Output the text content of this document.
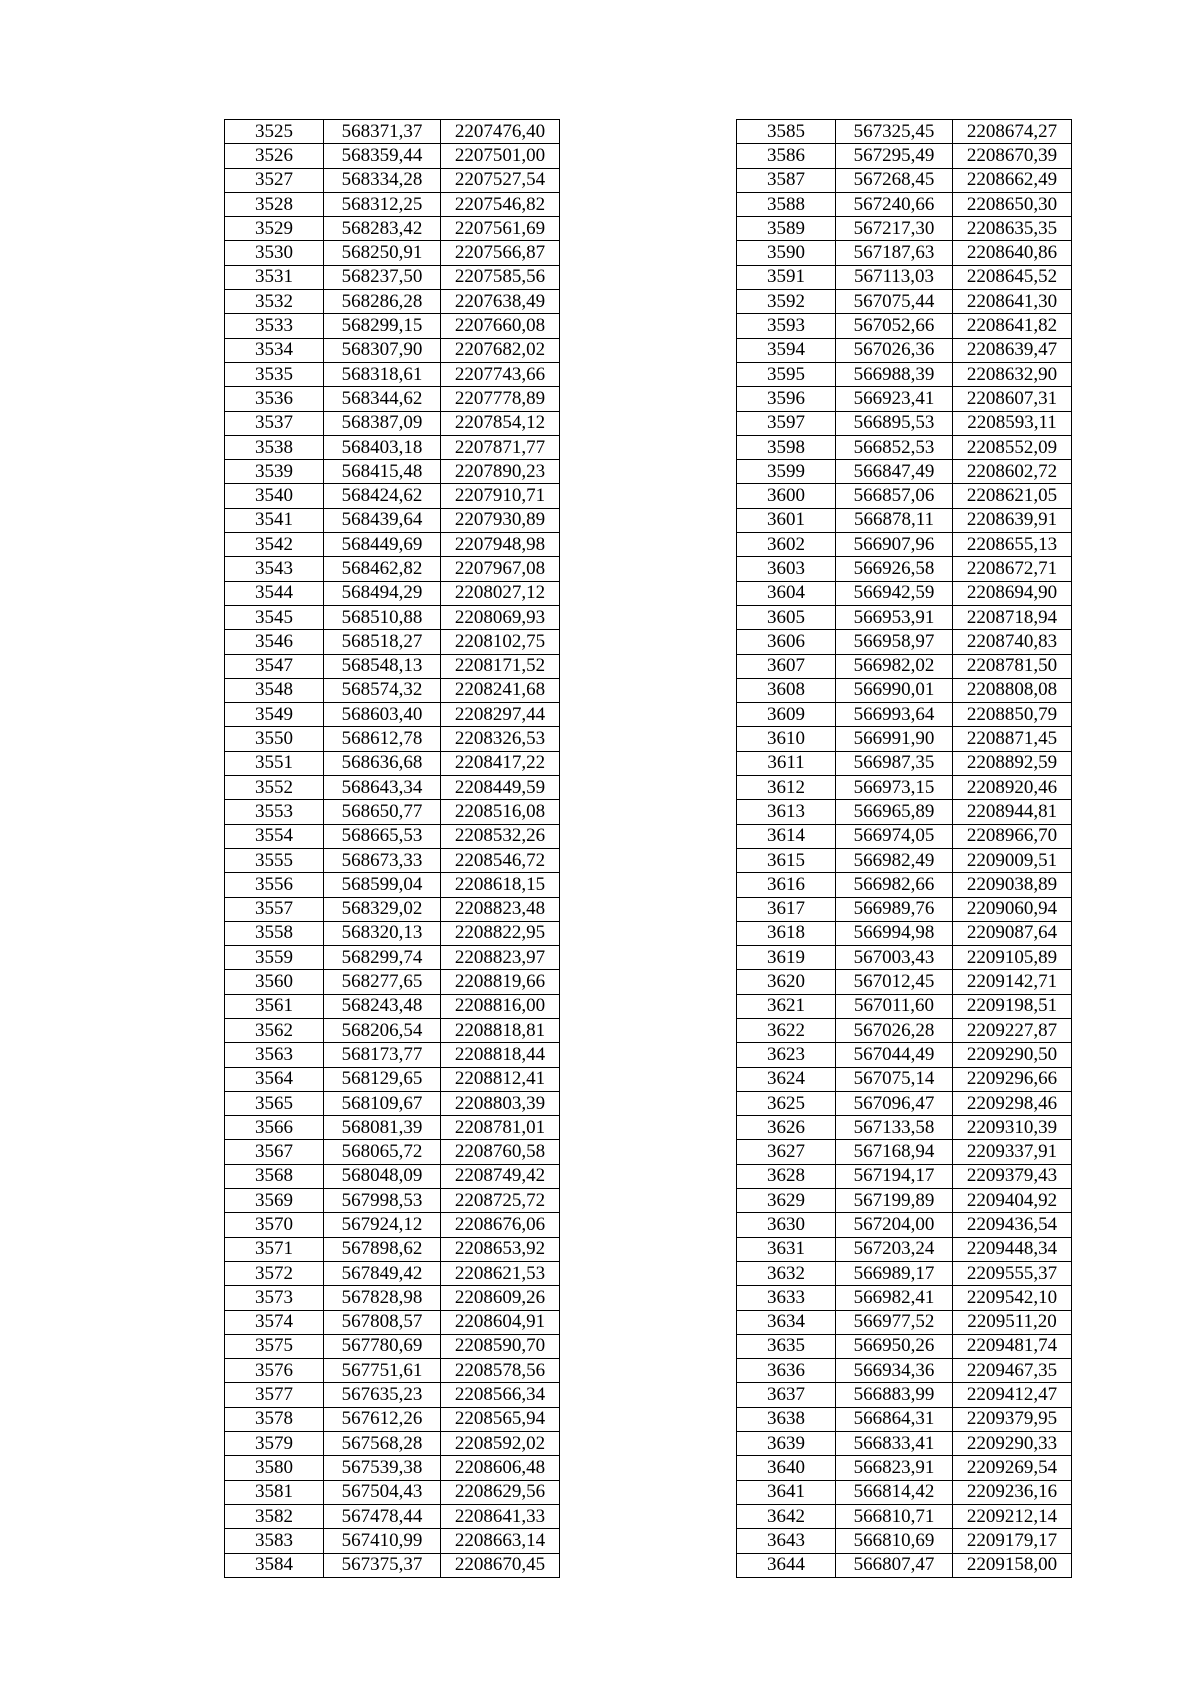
3525	568371,37	2207476,40
3526	568359,44	2207501,00
3527	568334,28	2207527,54
3528	568312,25	2207546,82
3529	568283,42	2207561,69
3530	568250,91	2207566,87
3531	568237,50	2207585,56
3532	568286,28	2207638,49
3533	568299,15	2207660,08
3534	568307,90	2207682,02
3535	568318,61	2207743,66
3536	568344,62	2207778,89
3537	568387,09	2207854,12
3538	568403,18	2207871,77
3539	568415,48	2207890,23
3540	568424,62	2207910,71
3541	568439,64	2207930,89
3542	568449,69	2207948,98
3543	568462,82	2207967,08
3544	568494,29	2208027,12
3545	568510,88	2208069,93
3546	568518,27	2208102,75
3547	568548,13	2208171,52
3548	568574,32	2208241,68
3549	568603,40	2208297,44
3550	568612,78	2208326,53
3551	568636,68	2208417,22
3552	568643,34	2208449,59
3553	568650,77	2208516,08
3554	568665,53	2208532,26
3555	568673,33	2208546,72
3556	568599,04	2208618,15
3557	568329,02	2208823,48
3558	568320,13	2208822,95
3559	568299,74	2208823,97
3560	568277,65	2208819,66
3561	568243,48	2208816,00
3562	568206,54	2208818,81
3563	568173,77	2208818,44
3564	568129,65	2208812,41
3565	568109,67	2208803,39
3566	568081,39	2208781,01
3567	568065,72	2208760,58
3568	568048,09	2208749,42
3569	567998,53	2208725,72
3570	567924,12	2208676,06
3571	567898,62	2208653,92
3572	567849,42	2208621,53
3573	567828,98	2208609,26
3574	567808,57	2208604,91
3575	567780,69	2208590,70
3576	567751,61	2208578,56
3577	567635,23	2208566,34
3578	567612,26	2208565,94
3579	567568,28	2208592,02
3580	567539,38	2208606,48
3581	567504,43	2208629,56
3582	567478,44	2208641,33
3583	567410,99	2208663,14
3584	567375,37	2208670,45
3585	567325,45	2208674,27
3586	567295,49	2208670,39
3587	567268,45	2208662,49
3588	567240,66	2208650,30
3589	567217,30	2208635,35
3590	567187,63	2208640,86
3591	567113,03	2208645,52
3592	567075,44	2208641,30
3593	567052,66	2208641,82
3594	567026,36	2208639,47
3595	566988,39	2208632,90
3596	566923,41	2208607,31
3597	566895,53	2208593,11
3598	566852,53	2208552,09
3599	566847,49	2208602,72
3600	566857,06	2208621,05
3601	566878,11	2208639,91
3602	566907,96	2208655,13
3603	566926,58	2208672,71
3604	566942,59	2208694,90
3605	566953,91	2208718,94
3606	566958,97	2208740,83
3607	566982,02	2208781,50
3608	566990,01	2208808,08
3609	566993,64	2208850,79
3610	566991,90	2208871,45
3611	566987,35	2208892,59
3612	566973,15	2208920,46
3613	566965,89	2208944,81
3614	566974,05	2208966,70
3615	566982,49	2209009,51
3616	566982,66	2209038,89
3617	566989,76	2209060,94
3618	566994,98	2209087,64
3619	567003,43	2209105,89
3620	567012,45	2209142,71
3621	567011,60	2209198,51
3622	567026,28	2209227,87
3623	567044,49	2209290,50
3624	567075,14	2209296,66
3625	567096,47	2209298,46
3626	567133,58	2209310,39
3627	567168,94	2209337,91
3628	567194,17	2209379,43
3629	567199,89	2209404,92
3630	567204,00	2209436,54
3631	567203,24	2209448,34
3632	566989,17	2209555,37
3633	566982,41	2209542,10
3634	566977,52	2209511,20
3635	566950,26	2209481,74
3636	566934,36	2209467,35
3637	566883,99	2209412,47
3638	566864,31	2209379,95
3639	566833,41	2209290,33
3640	566823,91	2209269,54
3641	566814,42	2209236,16
3642	566810,71	2209212,14
3643	566810,69	2209179,17
3644	566807,47	2209158,00
